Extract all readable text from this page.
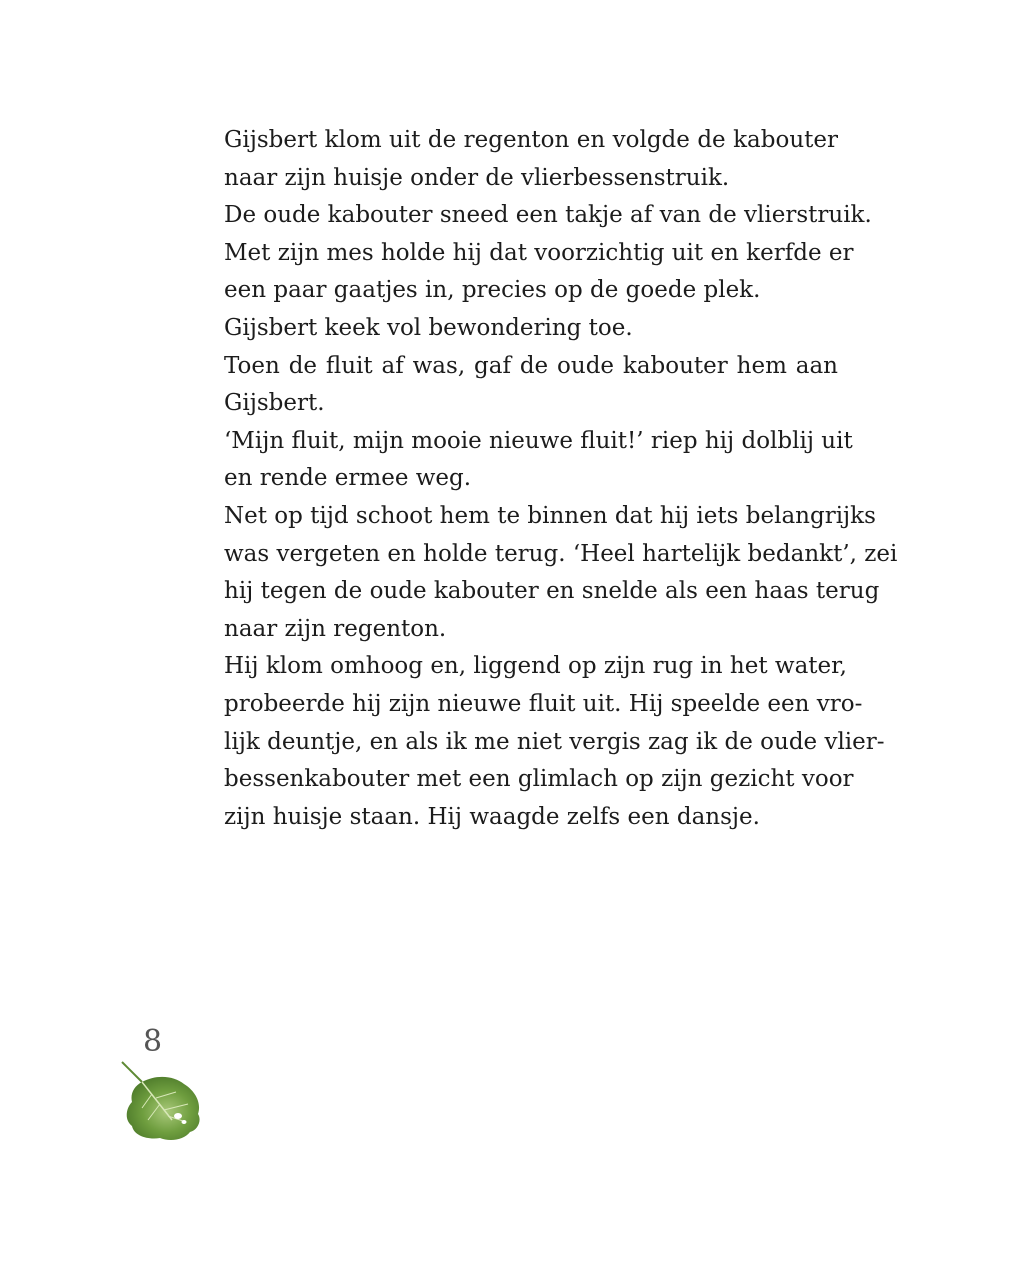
Gijsbert klom uit de regenton en volgde de kabouter
naar zijn huisje onder de vlierbessenstruik.
De oude kabouter sneed een takje af van de vlierstruik.
Met zijn mes holde hij dat voorzichtig uit en kerfde er
een paar gaatjes in, precies op de goede plek.
Gijsbert keek vol bewondering toe.
Toen de fluit af was, gaf de oude kabouter hem aan
Gijsbert.
‘Mijn fluit, mijn mooie nieuwe fluit!’ riep hij dolblij uit
en rende ermee weg.
Net op tijd schoot hem te binnen dat hij iets belangrijks
was vergeten en holde terug. ‘Heel hartelijk bedankt’, zei
hij tegen de oude kabouter en snelde als een haas terug
naar zijn regenton.
Hij klom omhoog en, liggend op zijn rug in het water,
probeerde hij zijn nieuwe fluit uit. Hij speelde een vro-
lijk deuntje, en als ik me niet vergis zag ik de oude vlier-
bessenkabouter met een glimlach op zijn gezicht voor
zijn huisje staan. Hij waagde zelfs een dansje.
8
